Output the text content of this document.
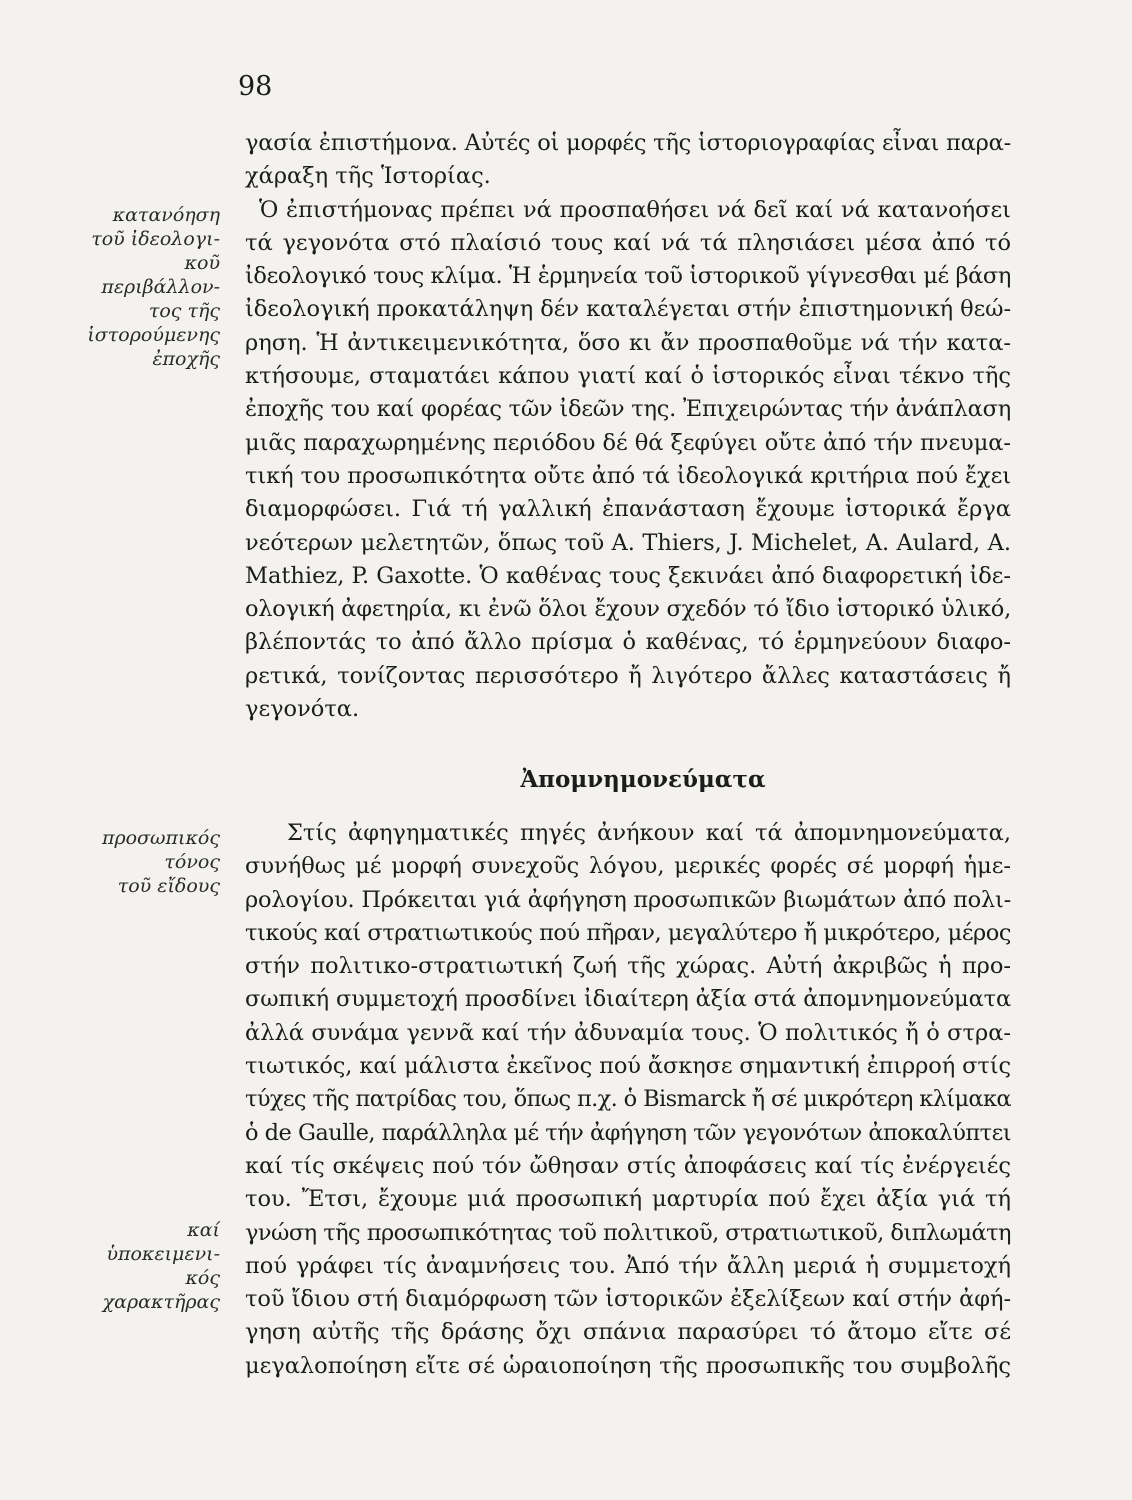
98
κατανόηση
τοῦ ἰδεολογι-
κοῦ
περιβάλλον-
τος τῆς
ἱστορούμενης
ἐποχῆς
προσωπικός
τόνος
τοῦ εἴδους
καί
ὑποκειμενι-
κός
χαρακτῆρας
γασία ἐπιστήμονα. Αὐτές οἱ μορφές τῆς ἱστοριογραφίας εἶναι παρα-
χάραξη τῆς Ἱστορίας.
Ὁ ἐπιστήμονας πρέπει νά προσπαθήσει νά δεῖ καί νά κατανοήσει
τά γεγονότα στό πλαίσιό τους καί νά τά πλησιάσει μέσα ἀπό τό
ἰδεολογικό τους κλίμα. Ἡ ἑρμηνεία τοῦ ἱστορικοῦ γίγνεσθαι μέ βάση
ἰδεολογική προκατάληψη δέν καταλέγεται στήν ἐπιστημονική θεώ-
ρηση. Ἡ ἀντικειμενικότητα, ὅσο κι ἄν προσπαθοῦμε νά τήν κατα-
κτήσουμε, σταματάει κάπου γιατί καί ὁ ἱστορικός εἶναι τέκνο τῆς
ἐποχῆς του καί φορέας τῶν ἰδεῶν της. Ἐπιχειρώντας τήν ἀνάπλαση
μιᾶς παραχωρημένης περιόδου δέ θά ξεφύγει οὔτε ἀπό τήν πνευμα-
τική του προσωπικότητα οὔτε ἀπό τά ἰδεολογικά κριτήρια πού ἔχει
διαμορφώσει. Γιά τή γαλλική ἐπανάσταση ἔχουμε ἱστορικά ἔργα
νεότερων μελετητῶν, ὅπως τοῦ A. Thiers, J. Michelet, A. Aulard, A.
Mathiez, P. Gaxotte. Ὁ καθένας τους ξεκινάει ἀπό διαφορετική ἰδε-
ολογική ἀφετηρία, κι ἐνῶ ὅλοι ἔχουν σχεδόν τό ἴδιο ἱστορικό ὑλικό,
βλέποντάς το ἀπό ἄλλο πρίσμα ὁ καθένας, τό ἑρμηνεύουν διαφο-
ρετικά, τονίζοντας περισσότερο ἤ λιγότερο ἄλλες καταστάσεις ἤ
γεγονότα.
Ἀπομνημονεύματα
Στίς ἀφηγηματικές πηγές ἀνήκουν καί τά ἀπομνημονεύματα,
συνήθως μέ μορφή συνεχοῦς λόγου, μερικές φορές σέ μορφή ἡμε-
ρολογίου. Πρόκειται γιά ἀφήγηση προσωπικῶν βιωμάτων ἀπό πολι-
τικούς καί στρατιωτικούς πού πῆραν, μεγαλύτερο ἤ μικρότερο, μέρος
στήν πολιτικο-στρατιωτική ζωή τῆς χώρας. Αὐτή ἀκριβῶς ἡ προ-
σωπική συμμετοχή προσδίνει ἰδιαίτερη ἀξία στά ἀπομνημονεύματα
ἀλλά συνάμα γεννᾶ καί τήν ἀδυναμία τους. Ὁ πολιτικός ἤ ὁ στρα-
τιωτικός, καί μάλιστα ἐκεῖνος πού ἄσκησε σημαντική ἐπιρροή στίς
τύχες τῆς πατρίδας του, ὅπως π.χ. ὁ Bismarck ἤ σέ μικρότερη κλίμακα
ὁ de Gaulle, παράλληλα μέ τήν ἀφήγηση τῶν γεγονότων ἀποκαλύπτει
καί τίς σκέψεις πού τόν ὤθησαν στίς ἀποφάσεις καί τίς ἐνέργειές
του. Ἔτσι, ἔχουμε μιά προσωπική μαρτυρία πού ἔχει ἀξία γιά τή
γνώση τῆς προσωπικότητας τοῦ πολιτικοῦ, στρατιωτικοῦ, διπλωμάτη
πού γράφει τίς ἀναμνήσεις του. Ἀπό τήν ἄλλη μεριά ἡ συμμετοχή
τοῦ ἴδιου στή διαμόρφωση τῶν ἱστορικῶν ἐξελίξεων καί στήν ἀφή-
γηση αὐτῆς τῆς δράσης ὄχι σπάνια παρασύρει τό ἄτομο εἴτε σέ
μεγαλοποίηση εἴτε σέ ὡραιοποίηση τῆς προσωπικῆς του συμβολῆς
